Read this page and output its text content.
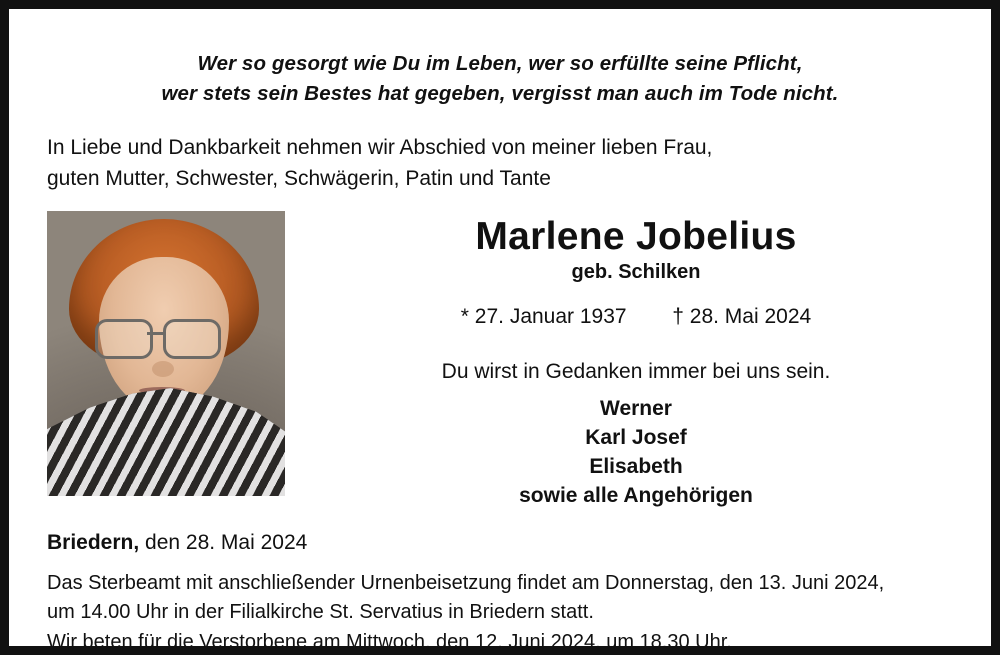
Wer so gesorgt wie Du im Leben, wer so erfüllte seine Pflicht,
wer stets sein Bestes hat gegeben, vergisst man auch im Tode nicht.
In Liebe und Dankbarkeit nehmen wir Abschied von meiner lieben Frau,
guten Mutter, Schwester, Schwägerin, Patin und Tante
Marlene Jobelius
geb. Schilken
* 27. Januar 1937 † 28. Mai 2024
Du wirst in Gedanken immer bei uns sein.
Werner
Karl Josef
Elisabeth
sowie alle Angehörigen
Briedern, den 28. Mai 2024
Das Sterbeamt mit anschließender Urnenbeisetzung findet am Donnerstag, den 13. Juni 2024,
um 14.00 Uhr in der Filialkirche St. Servatius in Briedern statt.
Wir beten für die Verstorbene am Mittwoch, den 12. Juni 2024, um 18.30 Uhr.
